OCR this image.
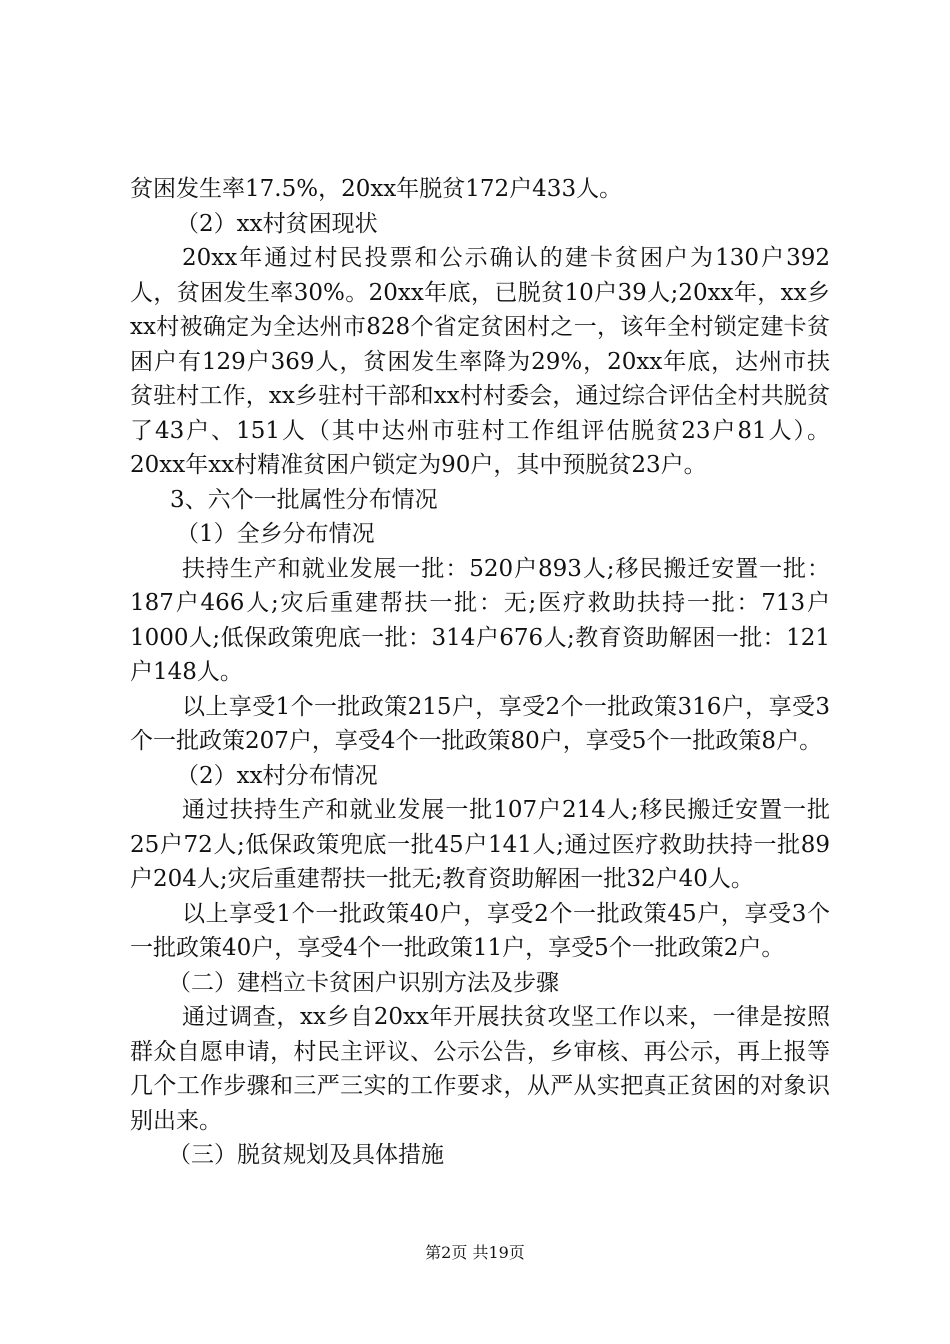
贫困发生率17.5%，20xx年脱贫172户433人。

（2）xx村贫困现状

20xx年通过村民投票和公示确认的建卡贫困户为130户392人，贫困发生率30%。20xx年底，已脱贫10户39人;20xx年，xx乡xx村被确定为全达州市828个省定贫困村之一，该年全村锁定建卡贫困户有129户369人，贫困发生率降为29%，20xx年底，达州市扶贫驻村工作，xx乡驻村干部和xx村村委会，通过综合评估全村共脱贫了43户、151人（其中达州市驻村工作组评估脱贫23户81人）。20xx年xx村精准贫困户锁定为90户，其中预脱贫23户。

3、六个一批属性分布情况

（1）全乡分布情况

扶持生产和就业发展一批：520户893人;移民搬迁安置一批：187户466人;灾后重建帮扶一批：无;医疗救助扶持一批：713户1000人;低保政策兜底一批：314户676人;教育资助解困一批：121户148人。

以上享受1个一批政策215户，享受2个一批政策316户，享受3个一批政策207户，享受4个一批政策80户，享受5个一批政策8户。

（2）xx村分布情况

通过扶持生产和就业发展一批107户214人;移民搬迁安置一批25户72人;低保政策兜底一批45户141人;通过医疗救助扶持一批89户204人;灾后重建帮扶一批无;教育资助解困一批32户40人。

以上享受1个一批政策40户，享受2个一批政策45户，享受3个一批政策40户，享受4个一批政策11户，享受5个一批政策2户。

（二）建档立卡贫困户识别方法及步骤

通过调查，xx乡自20xx年开展扶贫攻坚工作以来，一律是按照群众自愿申请，村民主评议、公示公告，乡审核、再公示，再上报等几个工作步骤和三严三实的工作要求，从严从实把真正贫困的对象识别出来。

（三）脱贫规划及具体措施

第2页 共19页
